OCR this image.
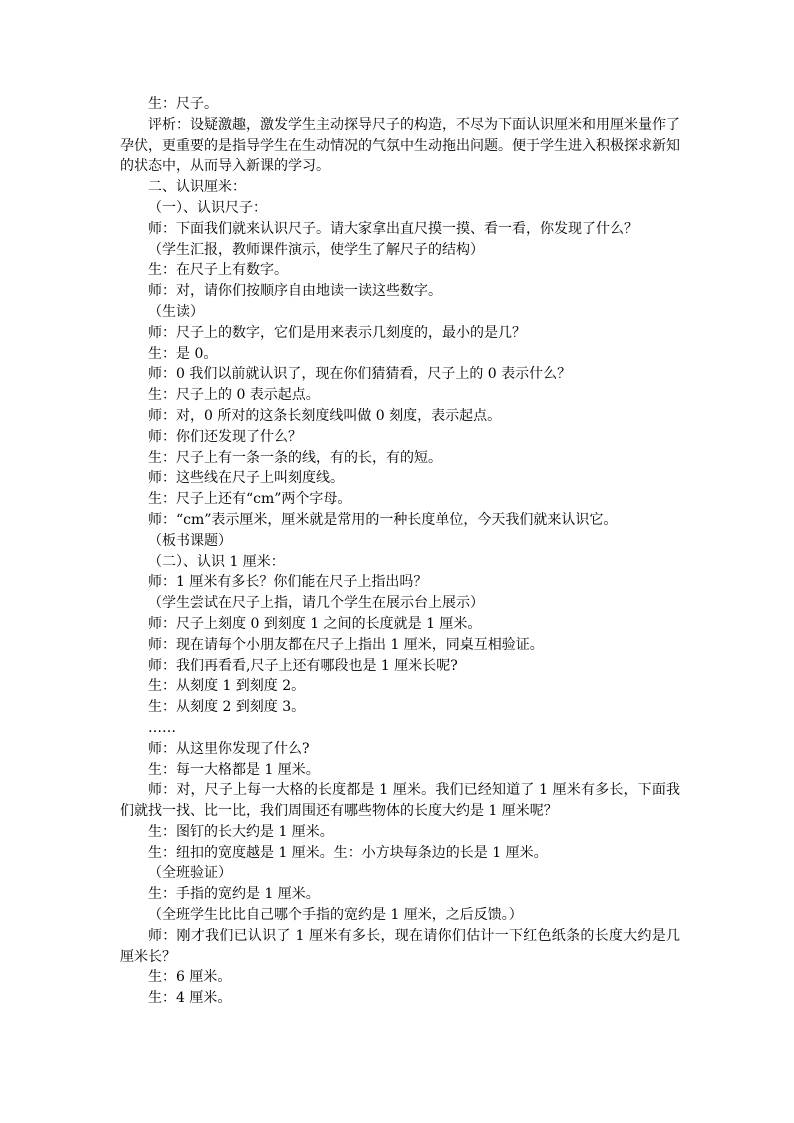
生：尺子。
评析：设疑激趣，激发学生主动探导尺子的构造，不尽为下面认识厘米和用厘米量作了孕伏，更重要的是指导学生在生动情况的气氛中生动拖出问题。便于学生进入积极探求新知的状态中，从而导入新课的学习。
二、认识厘米：
（一）、认识尺子：
师：下面我们就来认识尺子。请大家拿出直尺摸一摸、看一看，你发现了什么？
（学生汇报，教师课件演示，使学生了解尺子的结构）
生：在尺子上有数字。
师：对，请你们按顺序自由地读一读这些数字。
（生读）
师：尺子上的数字，它们是用来表示几刻度的，最小的是几？
生：是 0。
师：0 我们以前就认识了，现在你们猜猜看，尺子上的 0 表示什么？
生：尺子上的 0 表示起点。
师：对，0 所对的这条长刻度线叫做 0 刻度，表示起点。
师：你们还发现了什么？
生：尺子上有一条一条的线，有的长，有的短。
师：这些线在尺子上叫刻度线。
生：尺子上还有“cm”两个字母。
师：“cm”表示厘米，厘米就是常用的一种长度单位，今天我们就来认识它。
（板书课题）
（二）、认识 1 厘米：
师：1 厘米有多长？你们能在尺子上指出吗？
（学生尝试在尺子上指，请几个学生在展示台上展示）
师：尺子上刻度 0 到刻度 1 之间的长度就是 1 厘米。
师：现在请每个小朋友都在尺子上指出 1 厘米，同桌互相验证。
师：我们再看看,尺子上还有哪段也是 1 厘米长呢?
生：从刻度 1 到刻度 2。
生：从刻度 2 到刻度 3。
……
师：从这里你发现了什么?
生：每一大格都是 1 厘米。
师：对，尺子上每一大格的长度都是 1 厘米。我们已经知道了 1 厘米有多长，下面我们就找一找、比一比，我们周围还有哪些物体的长度大约是 1 厘米呢？
生：图钉的长大约是 1 厘米。
生：纽扣的宽度越是 1 厘米。生：小方块每条边的长是 1 厘米。
（全班验证）
生：手指的宽约是 1 厘米。
（全班学生比比自己哪个手指的宽约是 1 厘米，之后反馈。）
师：刚才我们已认识了 1 厘米有多长，现在请你们估计一下红色纸条的长度大约是几厘米长？
生：6 厘米。
生：4 厘米。
